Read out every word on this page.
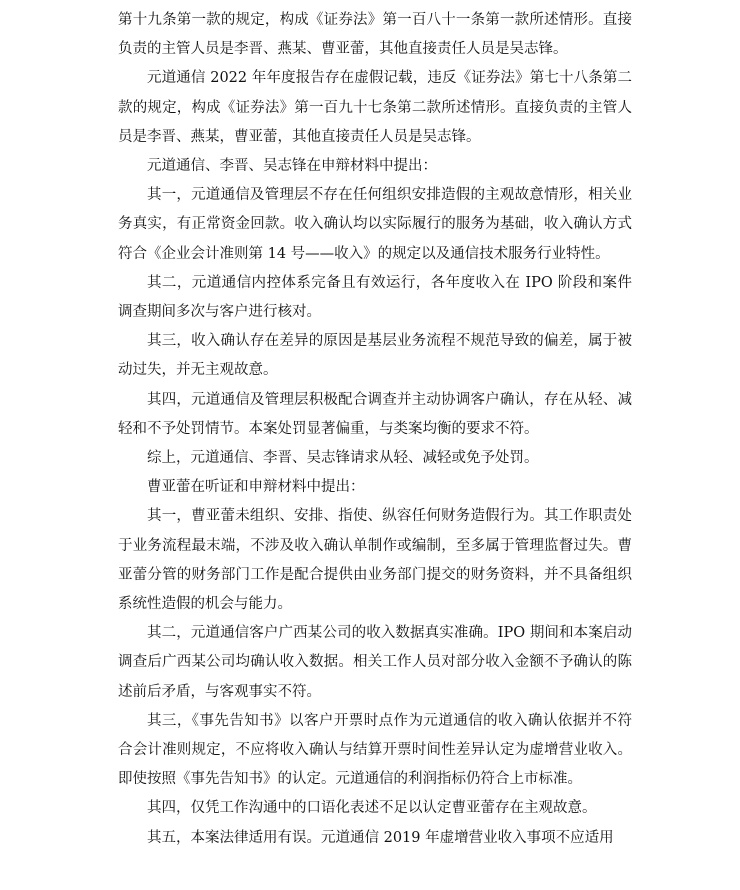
第十九条第一款的规定，构成《证券法》第一百八十一条第一款所述情形。直接负责的主管人员是李晋、燕某、曹亚蕾，其他直接责任人员是吴志锋。

元道通信 2022 年年度报告存在虚假记载，违反《证券法》第七十八条第二款的规定，构成《证券法》第一百九十七条第二款所述情形。直接负责的主管人员是李晋、燕某，曹亚蕾，其他直接责任人员是吴志锋。

元道通信、李晋、吴志锋在申辩材料中提出：

其一，元道通信及管理层不存在任何组织安排造假的主观故意情形，相关业务真实，有正常资金回款。收入确认均以实际履行的服务为基础，收入确认方式符合《企业会计准则第 14 号——收入》的规定以及通信技术服务行业特性。

其二，元道通信内控体系完备且有效运行，各年度收入在 IPO 阶段和案件调查期间多次与客户进行核对。

其三，收入确认存在差异的原因是基层业务流程不规范导致的偏差，属于被动过失，并无主观故意。

其四，元道通信及管理层积极配合调查并主动协调客户确认，存在从轻、减轻和不予处罚情节。本案处罚显著偏重，与类案均衡的要求不符。

综上，元道通信、李晋、吴志锋请求从轻、减轻或免予处罚。

曹亚蕾在听证和申辩材料中提出：

其一，曹亚蕾未组织、安排、指使、纵容任何财务造假行为。其工作职责处于业务流程最末端，不涉及收入确认单制作或编制，至多属于管理监督过失。曹亚蕾分管的财务部门工作是配合提供由业务部门提交的财务资料，并不具备组织系统性造假的机会与能力。

其二，元道通信客户广西某公司的收入数据真实准确。IPO 期间和本案启动调查后广西某公司均确认收入数据。相关工作人员对部分收入金额不予确认的陈述前后矛盾，与客观事实不符。

其三，《事先告知书》以客户开票时点作为元道通信的收入确认依据并不符合会计准则规定，不应将收入确认与结算开票时间性差异认定为虚增营业收入。即使按照《事先告知书》的认定。元道通信的利润指标仍符合上市标准。

其四，仅凭工作沟通中的口语化表述不足以认定曹亚蕾存在主观故意。

其五，本案法律适用有误。元道通信 2019 年虚增营业收入事项不应适用
